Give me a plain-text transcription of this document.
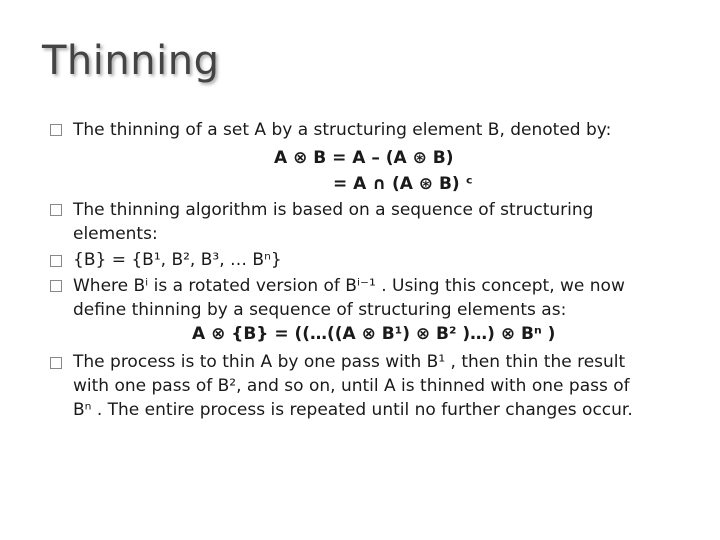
Thinning
The thinning of a set A by a structuring element B, denoted by:
A ⊗ B = A – (A ⊛ B)
= A ∩ (A ⊛ B) ᶜ
The thinning algorithm is based on a sequence of structuring
elements:
{B} = {B¹, B², B³, … Bⁿ}
Where Bⁱ is a rotated version of Bⁱ⁻¹ . Using this concept, we now
define thinning by a sequence of structuring elements as:
A ⊗ {B} = ((…((A ⊗ B¹) ⊗ B² )…) ⊗ Bⁿ )
The process is to thin A by one pass with B¹ , then thin the result
with one pass of B², and so on, until A is thinned with one pass of
Bⁿ . The entire process is repeated until no further changes occur.
